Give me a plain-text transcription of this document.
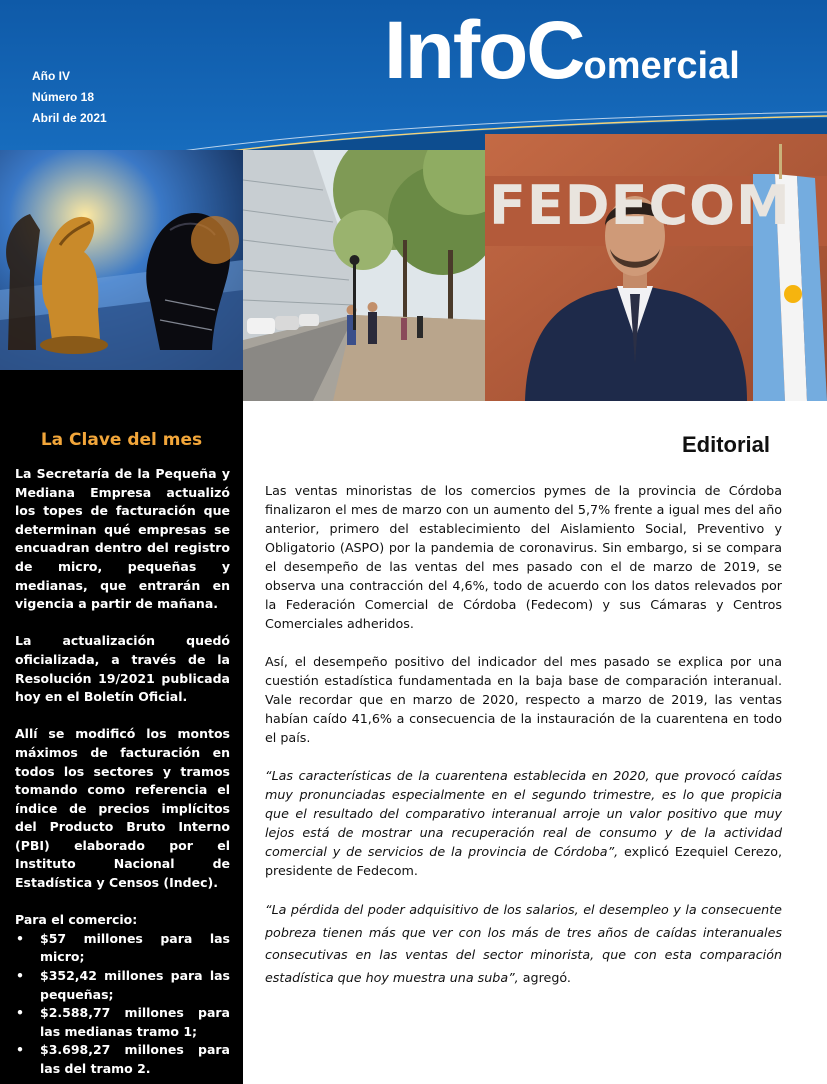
Año IV
Número 18
Abril de 2021
InfoComercial
FEDECOM
La Clave del mes

La Secretaría de la Pequeña y Mediana Empresa actualizó los topes de facturación que determinan qué empresas se encuadran dentro del registro de micro, pequeñas y medianas, que entrarán en vigencia a partir de mañana.

La actualización quedó oficializada, a través de la Resolución 19/2021 publicada hoy en el Boletín Oficial.

Allí se modificó los montos máximos de facturación en todos los sectores y tramos tomando como referencia el índice de precios implícitos del Producto Bruto Interno (PBI) elaborado por el Instituto Nacional de Estadística y Censos (Indec).

Para el comercio:

• $57 millones para las micro;
• $352,42 millones para las pequeñas;
• $2.588,77 millones para las medianas tramo 1;
• $3.698,27 millones para las del tramo 2.
Editorial

Las ventas minoristas de los comercios pymes de la provincia de Córdoba finalizaron el mes de marzo con un aumento del 5,7% frente a igual mes del año anterior, primero del establecimiento del Aislamiento Social, Preventivo y Obligatorio (ASPO) por la pandemia de coronavirus. Sin embargo, si se compara el desempeño de las ventas del mes pasado con el de marzo de 2019, se observa una contracción del 4,6%, todo de acuerdo con los datos relevados por la Federación Comercial de Córdoba (Fedecom) y sus Cámaras y Centros Comerciales adheridos.

Así, el desempeño positivo del indicador del mes pasado se explica por una cuestión estadística fundamentada en la baja base de comparación interanual. Vale recordar que en marzo de 2020, respecto a marzo de 2019, las ventas habían caído 41,6% a consecuencia de la instauración de la cuarentena en todo el país.

“Las características de la cuarentena establecida en 2020, que provocó caídas muy pronunciadas especialmente en el segundo trimestre, es lo que propicia que el resultado del comparativo interanual arroje un valor positivo que muy lejos está de mostrar una recuperación real de consumo y de la actividad comercial y de servicios de la provincia de Córdoba”, explicó Ezequiel Cerezo, presidente de Fedecom.

“La pérdida del poder adquisitivo de los salarios, el desempleo y la consecuente pobreza tienen más que ver con los más de tres años de caídas interanuales consecutivas en las ventas del sector minorista, que con esta comparación estadística que hoy muestra una suba”, agregó.
